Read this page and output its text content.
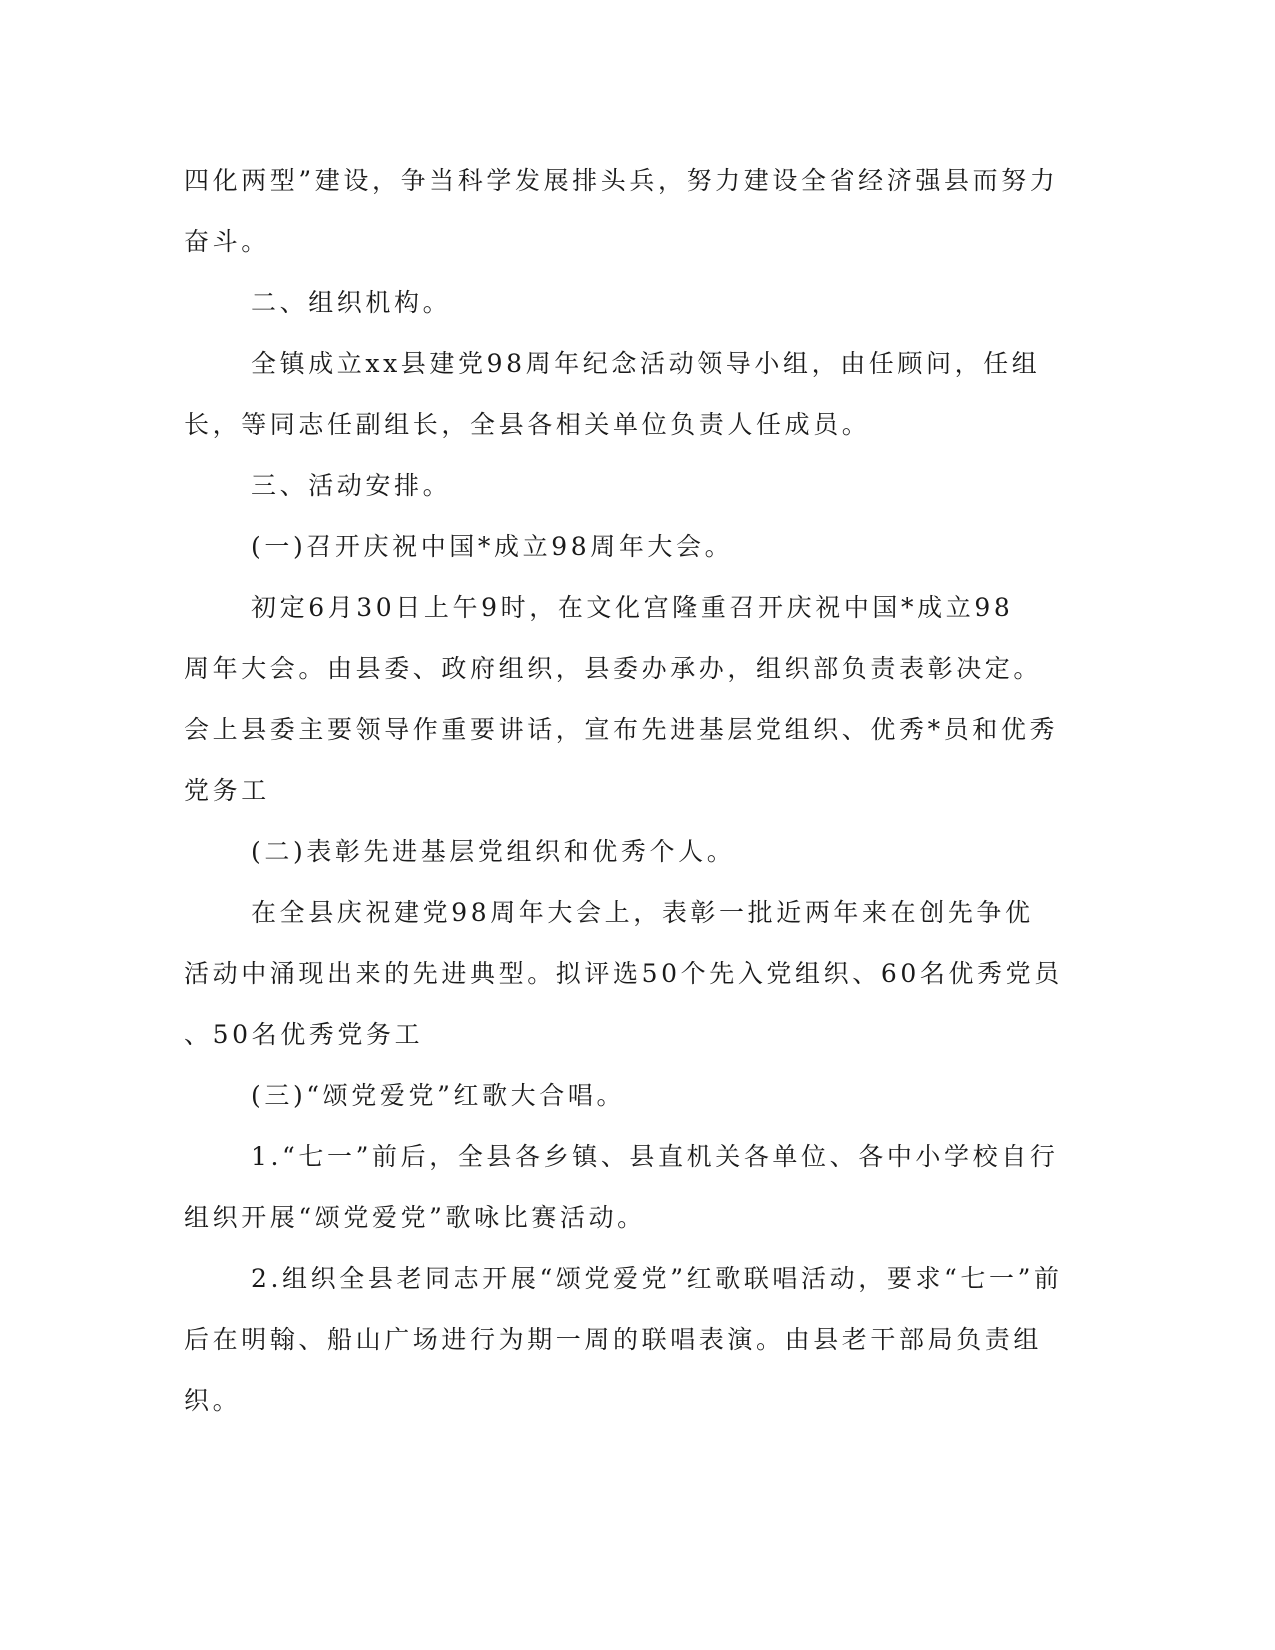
四化两型”建设，争当科学发展排头兵，努力建设全省经济强县而努力
奋斗。
二、组织机构。
全镇成立xx县建党98周年纪念活动领导小组，由任顾问，任组
长，等同志任副组长，全县各相关单位负责人任成员。
三、活动安排。
(一)召开庆祝中国*成立98周年大会。
初定6月30日上午9时，在文化宫隆重召开庆祝中国*成立98
周年大会。由县委、政府组织，县委办承办，组织部负责表彰决定。
会上县委主要领导作重要讲话，宣布先进基层党组织、优秀*员和优秀
党务工
(二)表彰先进基层党组织和优秀个人。
在全县庆祝建党98周年大会上，表彰一批近两年来在创先争优
活动中涌现出来的先进典型。拟评选50个先入党组织、60名优秀党员
、50名优秀党务工
(三)“颂党爱党”红歌大合唱。
1.“七一”前后，全县各乡镇、县直机关各单位、各中小学校自行
组织开展“颂党爱党”歌咏比赛活动。
2.组织全县老同志开展“颂党爱党”红歌联唱活动，要求“七一”前
后在明翰、船山广场进行为期一周的联唱表演。由县老干部局负责组
织。
